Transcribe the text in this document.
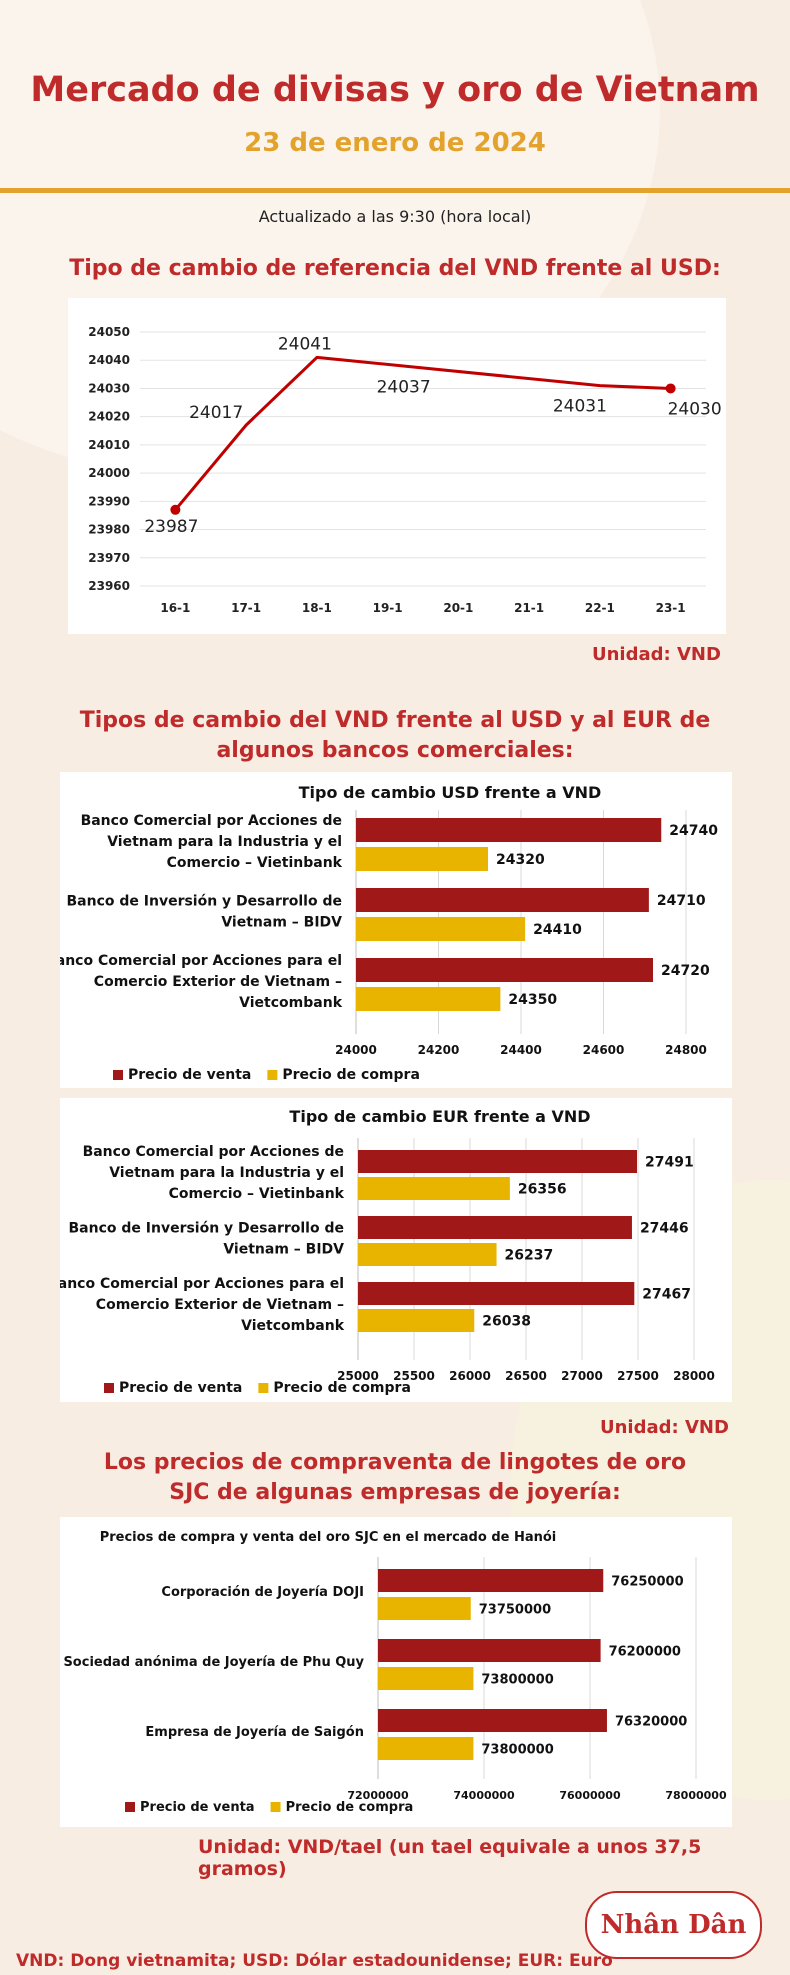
Mercado de divisas y oro de Vietnam
23 de enero de 2024
Actualizado a las 9:30 (hora local)
Tipo de cambio de referencia del VND frente al USD:
24050
24040
24030
24020
24010
24000
23990
23980
23970
23960
16-1	17-1	18-1	19-1	20-1	21-1	22-1	23-1
23987
24017
24041
24031	24030
24037
Unidad: VND
Tipos de cambio del VND frente al USD y al EUR de
algunos bancos comerciales:
Tipo de cambio USD frente a VND
24000	24200	24400	24600	24800
Banco Comercial por Acciones de
Vietnam para la Industria y el
Comercio – Vietinbank
24740
24320
Banco de Inversión y Desarrollo de
Vietnam – BIDV
24710
24410
Banco Comercial por Acciones para el
Comercio Exterior de Vietnam –
Vietcombank
24720
24350
Precio de venta Precio de compra
Tipo de cambio EUR frente a VND
25000 25500 26000 26500 27000 27500 28000
Banco Comercial por Acciones de
Vietnam para la Industria y el
Comercio – Vietinbank
27491
26356
Banco de Inversión y Desarrollo de
Vietnam – BIDV
27446
26237
Banco Comercial por Acciones para el
Comercio Exterior de Vietnam –
Vietcombank
27467
26038
Precio de venta Precio de compra
Unidad: VND
Los precios de compraventa de lingotes de oro
SJC de algunas empresas de joyería:
Precios de compra y venta del oro SJC en el mercado de Hanói
72000000	74000000	76000000	78000000
Corporación de Joyería DOJI
76250000
73750000
Sociedad anónima de Joyería de Phu Quy
76200000
73800000
Empresa de Joyería de Saigón
76320000
73800000
Precio de venta Precio de compra
Unidad: VND/tael (un tael equivale a unos 37,5 gramos)
Nhân Dân
VND: Dong vietnamita; USD: Dólar estadounidense; EUR: Euro
